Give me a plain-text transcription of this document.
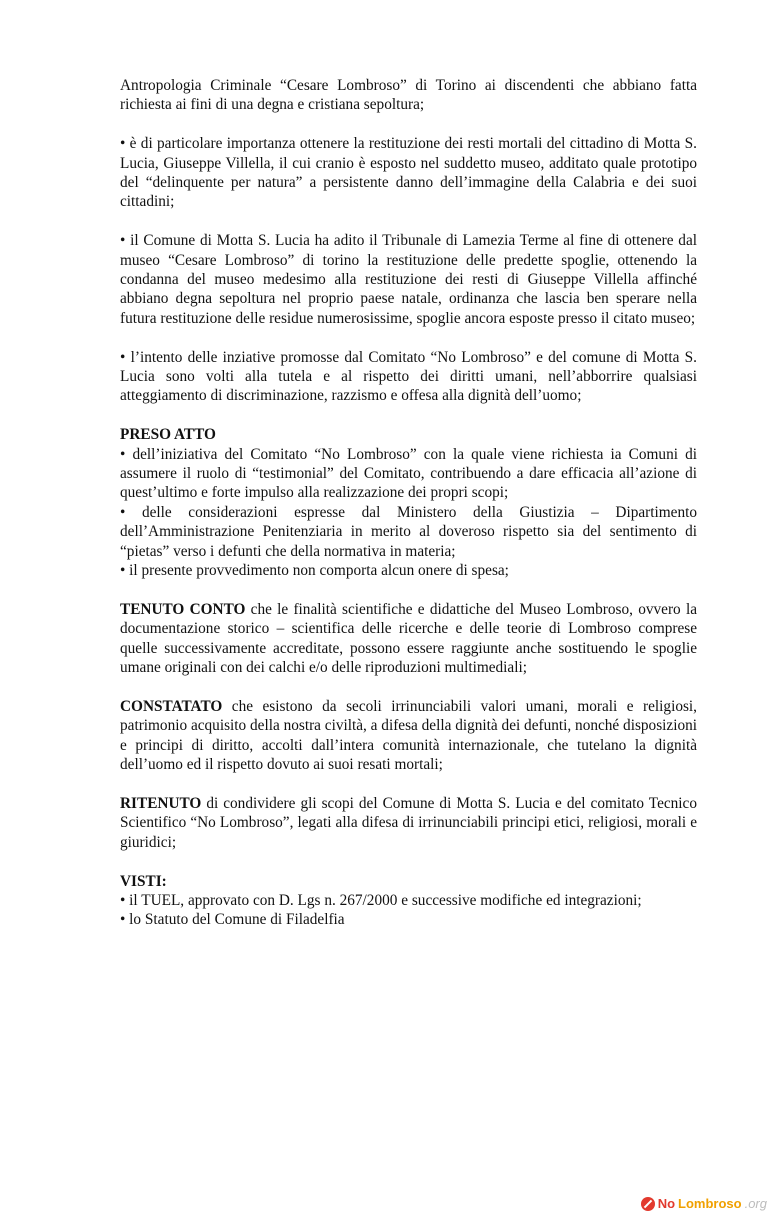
Antropologia Criminale “Cesare Lombroso” di Torino ai discendenti che abbiano fatta richiesta ai fini di una degna e cristiana sepoltura;

• è di particolare importanza ottenere la restituzione dei resti mortali del cittadino di Motta S. Lucia, Giuseppe Villella, il cui cranio è esposto nel suddetto museo, additato quale prototipo del “delinquente per natura” a persistente danno dell’immagine della Calabria e dei suoi cittadini;

• il Comune di Motta S. Lucia ha adito il Tribunale di Lamezia Terme al fine di ottenere dal museo “Cesare Lombroso” di torino la restituzione delle predette spoglie, ottenendo la condanna del museo medesimo alla restituzione dei resti di Giuseppe Villella affinché abbiano degna sepoltura nel proprio paese natale, ordinanza che lascia ben sperare nella futura restituzione delle residue numerosissime, spoglie ancora esposte presso il citato museo;

• l’intento delle inziative promosse dal Comitato “No Lombroso” e del comune di Motta S. Lucia sono volti alla tutela e al rispetto dei diritti umani, nell’abborrire qualsiasi atteggiamento di discriminazione, razzismo e offesa alla dignità dell’uomo;

PRESO ATTO

• dell’iniziativa del Comitato “No Lombroso” con la quale viene richiesta ia Comuni di assumere il ruolo di “testimonial” del Comitato, contribuendo a dare efficacia all’azione di quest’ultimo e forte impulso alla realizzazione dei propri scopi;

• delle considerazioni espresse dal Ministero della Giustizia – Dipartimento dell’Amministrazione Penitenziaria in merito al doveroso rispetto sia del sentimento di “pietas” verso i defunti che della normativa in materia;

• il presente provvedimento non comporta alcun onere di spesa;

TENUTO CONTO che le finalità scientifiche e didattiche del Museo Lombroso, ovvero la documentazione storico – scientifica delle ricerche e delle teorie di Lombroso comprese quelle successivamente accreditate, possono essere raggiunte anche sostituendo le spoglie umane originali con dei calchi e/o delle riproduzioni multimediali;

CONSTATATO che esistono da secoli irrinunciabili valori umani, morali e religiosi, patrimonio acquisito della nostra civiltà, a difesa della dignità dei defunti, nonché disposizioni e principi di diritto, accolti dall’intera comunità internazionale, che tutelano la dignità dell’uomo ed il rispetto dovuto ai suoi resati mortali;

RITENUTO di condividere gli scopi del Comune di Motta S. Lucia e del comitato Tecnico Scientifico “No Lombroso”, legati alla difesa di irrinunciabili principi etici, religiosi, morali e giuridici;

VISTI:

• il TUEL, approvato con D. Lgs n. 267/2000 e successive modifiche ed integrazioni;

• lo Statuto del Comune di Filadelfia

No Lombroso .org
